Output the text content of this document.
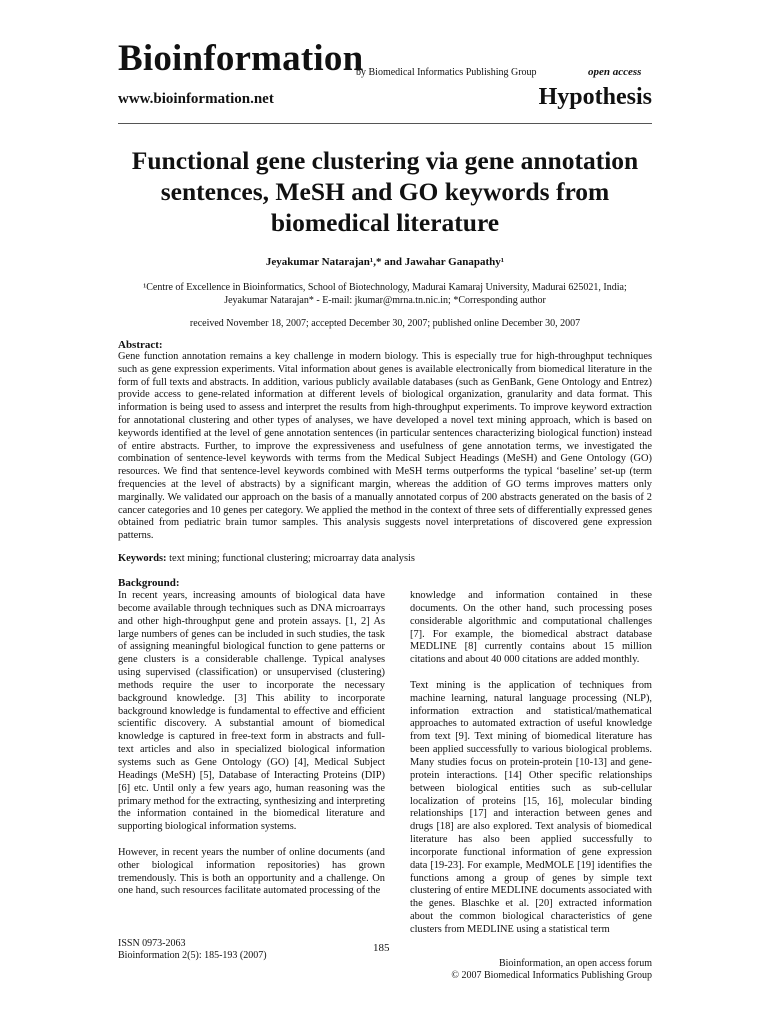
Bioinformation
by Biomedical Informatics Publishing Group	open access
www.bioinformation.net	Hypothesis
Functional gene clustering via gene annotation sentences, MeSH and GO keywords from biomedical literature
Jeyakumar Natarajan¹,* and Jawahar Ganapathy¹
¹Centre of Excellence in Bioinformatics, School of Biotechnology, Madurai Kamaraj University, Madurai 625021, India;
Jeyakumar Natarajan* - E-mail: jkumar@mrna.tn.nic.in; *Corresponding author
received November 18, 2007; accepted December 30, 2007; published online December 30, 2007
Abstract:
Gene function annotation remains a key challenge in modern biology. This is especially true for high-throughput techniques such as gene expression experiments. Vital information about genes is available electronically from biomedical literature in the form of full texts and abstracts. In addition, various publicly available databases (such as GenBank, Gene Ontology and Entrez) provide access to gene-related information at different levels of biological organization, granularity and data format. This information is being used to assess and interpret the results from high-throughput experiments. To improve keyword extraction for annotational clustering and other types of analyses, we have developed a novel text mining approach, which is based on keywords identified at the level of gene annotation sentences (in particular sentences characterizing biological function) instead of entire abstracts. Further, to improve the expressiveness and usefulness of gene annotation terms, we investigated the combination of sentence-level keywords with terms from the Medical Subject Headings (MeSH) and Gene Ontology (GO) resources. We find that sentence-level keywords combined with MeSH terms outperforms the typical ‘baseline’ set-up (term frequencies at the level of abstracts) by a significant margin, whereas the addition of GO terms improves matters only marginally. We validated our approach on the basis of a manually annotated corpus of 200 abstracts generated on the basis of 2 cancer categories and 10 genes per category. We applied the method in the context of three sets of differentially expressed genes obtained from pediatric brain tumor samples. This analysis suggests novel interpretations of discovered gene expression patterns.
Keywords: text mining; functional clustering; microarray data analysis
Background:

In recent years, increasing amounts of biological data have become available through techniques such as DNA microarrays and other high-throughput gene and protein assays. [1, 2] As large numbers of genes can be included in such studies, the task of assigning meaningful biological function to gene patterns or gene clusters is a considerable challenge. Typical analyses using supervised (classification) or unsupervised (clustering) methods require the user to incorporate the necessary background knowledge. [3] This ability to incorporate background knowledge is fundamental to effective and efficient scientific discovery. A substantial amount of biomedical knowledge is captured in free-text form in abstracts and full-text articles and also in specialized biological information systems such as Gene Ontology (GO) [4], Medical Subject Headings (MeSH) [5], Database of Interacting Proteins (DIP) [6] etc. Until only a few years ago, human reasoning was the primary method for the extracting, synthesizing and interpreting the information contained in the biomedical literature and supporting biological information systems.

However, in recent years the number of online documents (and other biological information repositories) has grown tremendously. This is both an opportunity and a challenge. On one hand, such resources facilitate automated processing of the

knowledge and information contained in these documents. On the other hand, such processing poses considerable algorithmic and computational challenges [7]. For example, the biomedical abstract database MEDLINE [8] currently contains about 15 million citations and about 40 000 citations are added monthly.

Text mining is the application of techniques from machine learning, natural language processing (NLP), information extraction and statistical/mathematical approaches to automated extraction of useful knowledge from text [9]. Text mining of biomedical literature has been applied successfully to various biological problems. Many studies focus on protein-protein [10-13] and gene-protein interactions. [14] Other specific relationships between biological entities such as sub-cellular localization of proteins [15, 16], molecular binding relationships [17] and interaction between genes and drugs [18] are also explored. Text analysis of biomedical literature has also been applied successfully to incorporate functional information of gene expression data [19-23]. For example, MedMOLE [19] identifies the functions among a group of genes by simple text clustering of entire MEDLINE documents associated with the genes. Blaschke et al. [20] extracted information about the common biological characteristics of gene clusters from MEDLINE using a statistical term

ISSN 0973-2063
Bioinformation 2(5): 185-193 (2007)
185
Bioinformation, an open access forum
© 2007 Biomedical Informatics Publishing Group
